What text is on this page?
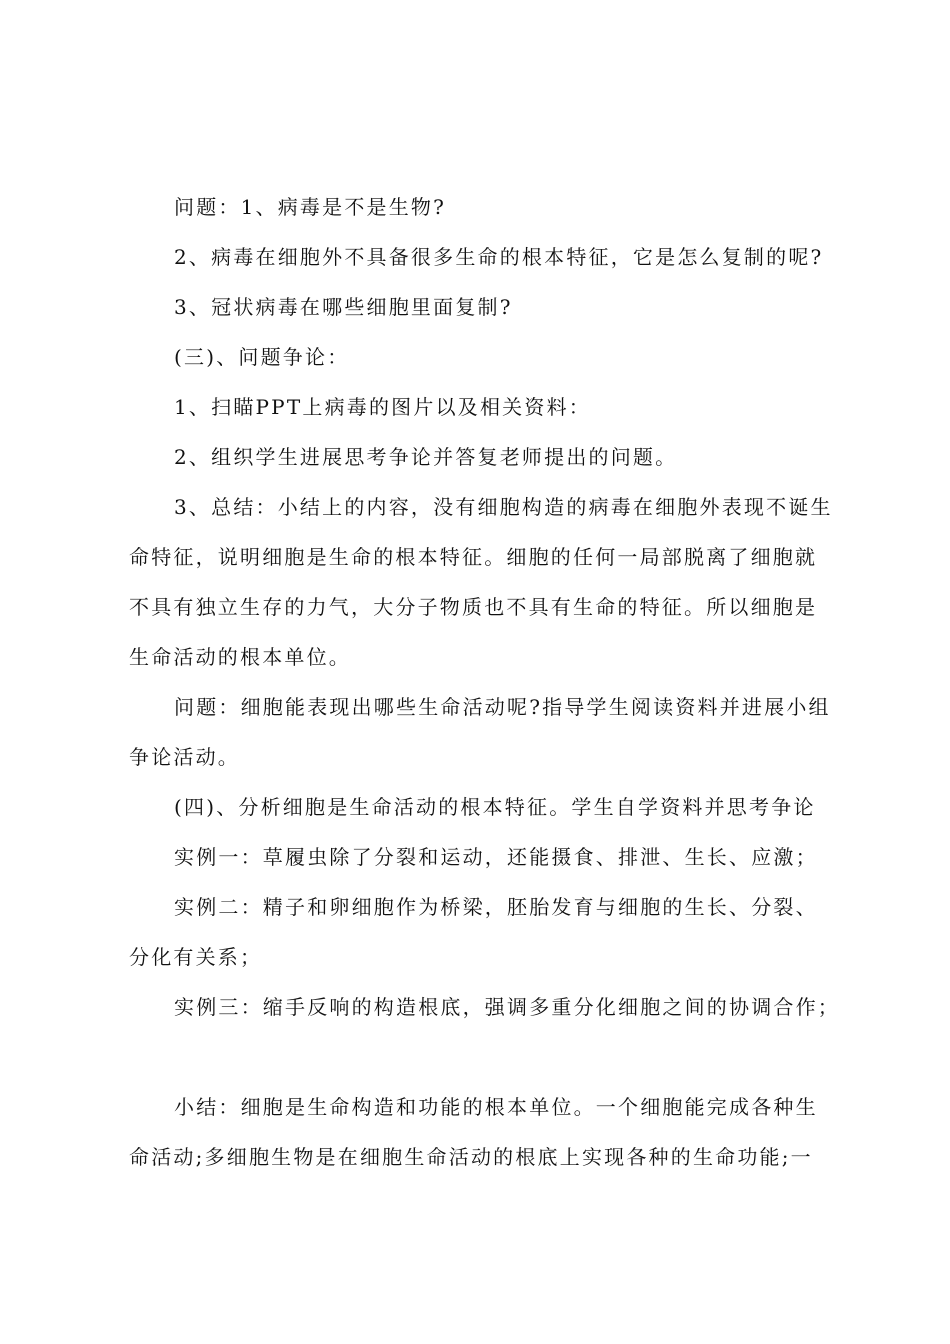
问题：1、病毒是不是生物?
2、病毒在细胞外不具备很多生命的根本特征，它是怎么复制的呢?
3、冠状病毒在哪些细胞里面复制?
(三)、问题争论：
1、扫瞄PPT上病毒的图片以及相关资料：
2、组织学生进展思考争论并答复老师提出的问题。
3、总结：小结上的内容，没有细胞构造的病毒在细胞外表现不诞生
命特征，说明细胞是生命的根本特征。细胞的任何一局部脱离了细胞就
不具有独立生存的力气，大分子物质也不具有生命的特征。所以细胞是
生命活动的根本单位。
问题：细胞能表现出哪些生命活动呢?指导学生阅读资料并进展小组
争论活动。
(四)、分析细胞是生命活动的根本特征。学生自学资料并思考争论
实例一：草履虫除了分裂和运动，还能摄食、排泄、生长、应激；
实例二：精子和卵细胞作为桥梁，胚胎发育与细胞的生长、分裂、
分化有关系；
实例三：缩手反响的构造根底，强调多重分化细胞之间的协调合作；
小结：细胞是生命构造和功能的根本单位。一个细胞能完成各种生
命活动;多细胞生物是在细胞生命活动的根底上实现各种的生命功能;一
